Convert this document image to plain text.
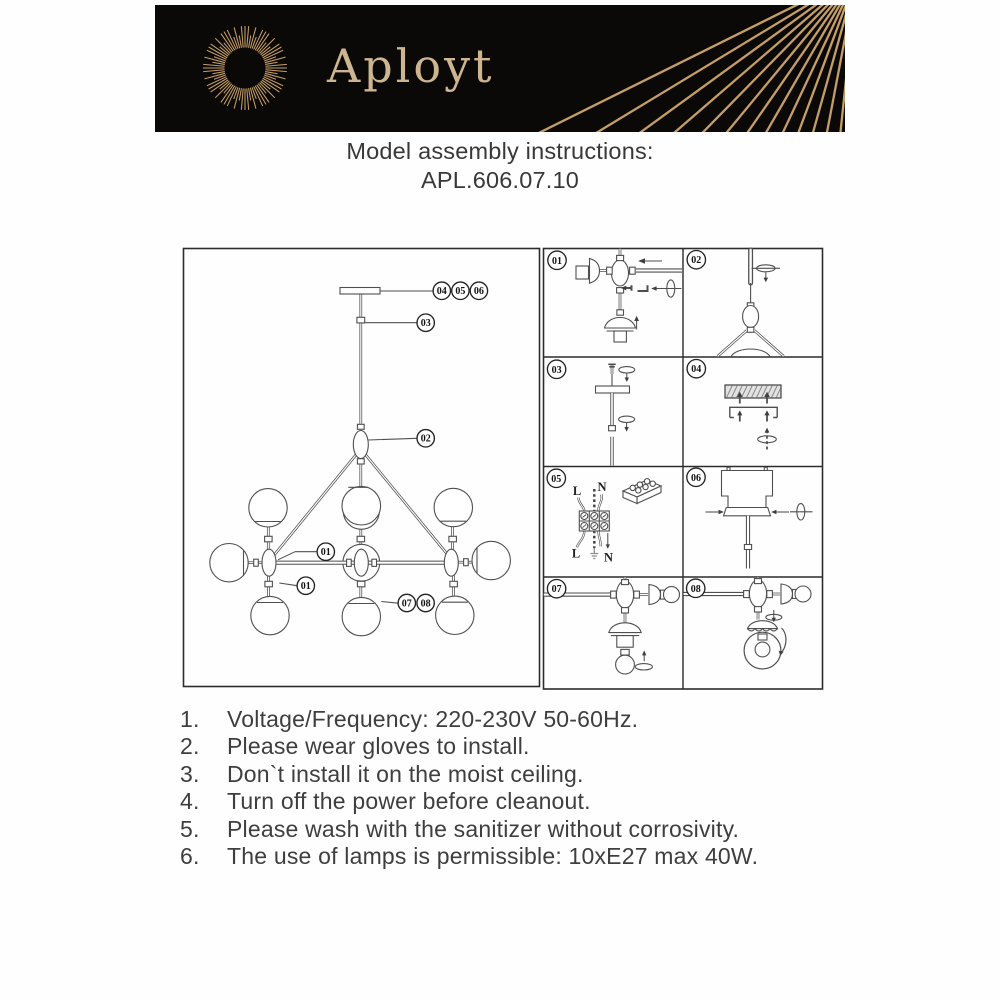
Aployt
Model assembly instructions:
APL.606.07.10
04 05 06
03
02
01
01
07 08
L N
L N
01	02
03	04
05	06
07	08
1.	Voltage/Frequency: 220-230V 50-60Hz.
2.	Please wear gloves to install.
3.	Don`t install it on the moist ceiling.
4.	Turn off the power before cleanout.
5.	Please wash with the sanitizer without corrosivity.
6.	The use of lamps is permissible: 10xE27 max 40W.
